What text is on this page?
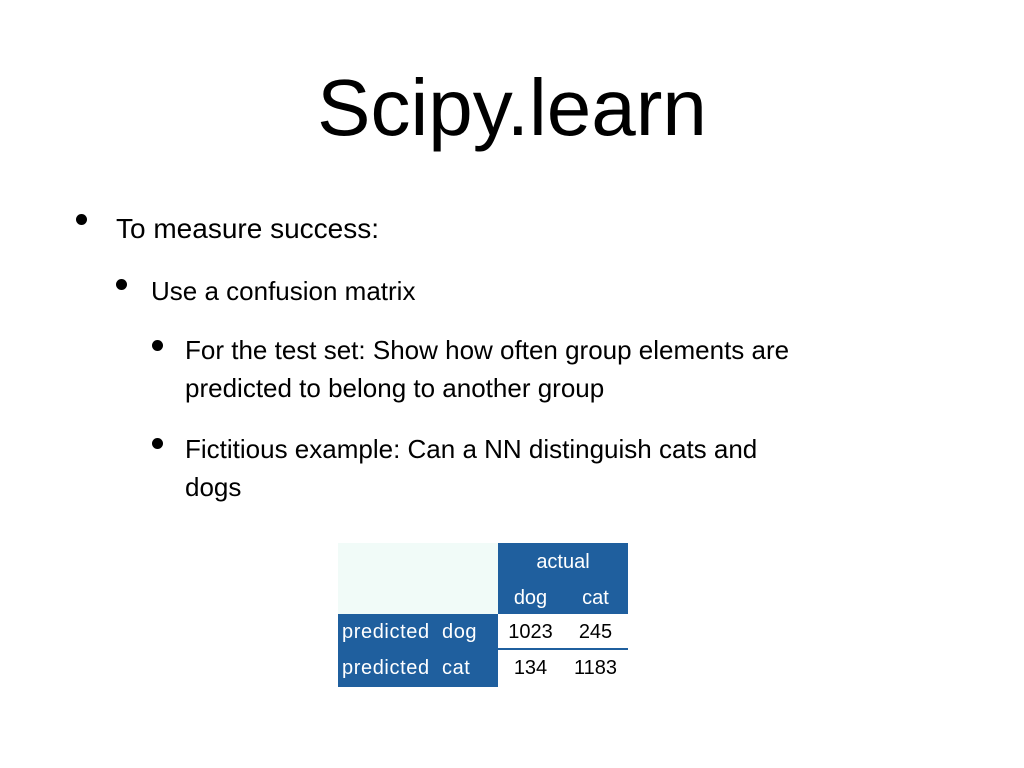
Scipy.learn
To measure success:
Use a confusion matrix
For the test set: Show how often group elements are
predicted to belong to another group
Fictitious example: Can a NN distinguish cats and
dogs
actual
dog	cat
predicted  dog	1023	245
predicted  cat	134	1183
